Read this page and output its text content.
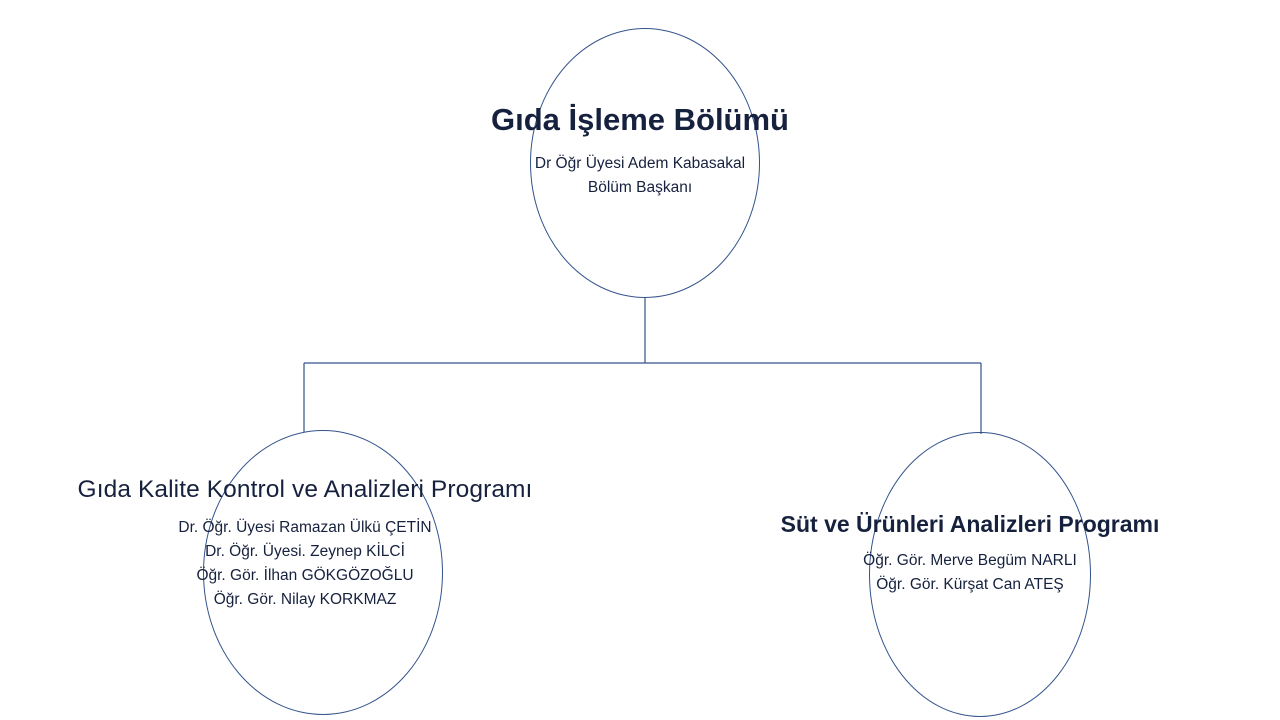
Gıda İşleme Bölümü
Dr Öğr Üyesi Adem Kabasakal
Bölüm Başkanı
Gıda Kalite Kontrol ve Analizleri Programı
Dr. Öğr. Üyesi Ramazan Ülkü ÇETİN
Dr. Öğr. Üyesi. Zeynep KİLCİ
Öğr. Gör. İlhan GÖKGÖZOĞLU
Öğr. Gör. Nilay KORKMAZ
Süt ve Ürünleri Analizleri Programı
Öğr. Gör. Merve Begüm NARLI
Öğr. Gör. Kürşat Can ATEŞ
